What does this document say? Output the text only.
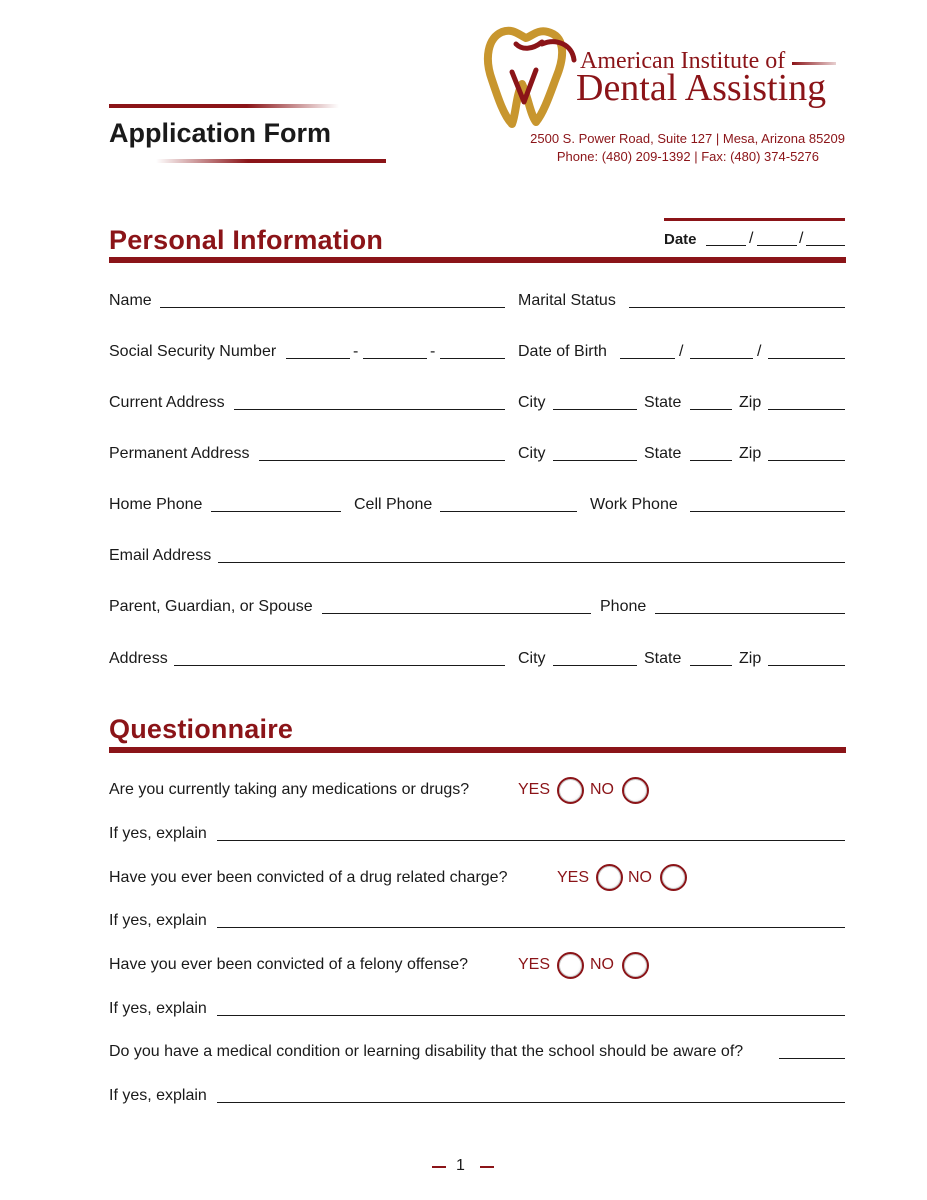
Application Form
American Institute of
Dental Assisting
2500 S. Power Road, Suite 127 | Mesa, Arizona 85209
Phone: (480) 209-1392 | Fax: (480) 374-5276
Personal Information	Date	/	/
Name	Marital Status
Social Security Number	-	-	Date of Birth	/	/
Current Address	City	State	Zip
Permanent Address	City	State	Zip
Home Phone	Cell Phone	Work Phone
Email Address
Parent, Guardian, or Spouse	Phone
Address	City	State	Zip
Questionnaire
Are you currently taking any medications or drugs?	YES NO
If yes, explain
Have you ever been convicted of a drug related charge?	YES NO
If yes, explain
Have you ever been convicted of a felony offense?	YES NO
If yes, explain
Do you have a medical condition or learning disability that the school should be aware of?
If yes, explain
1
